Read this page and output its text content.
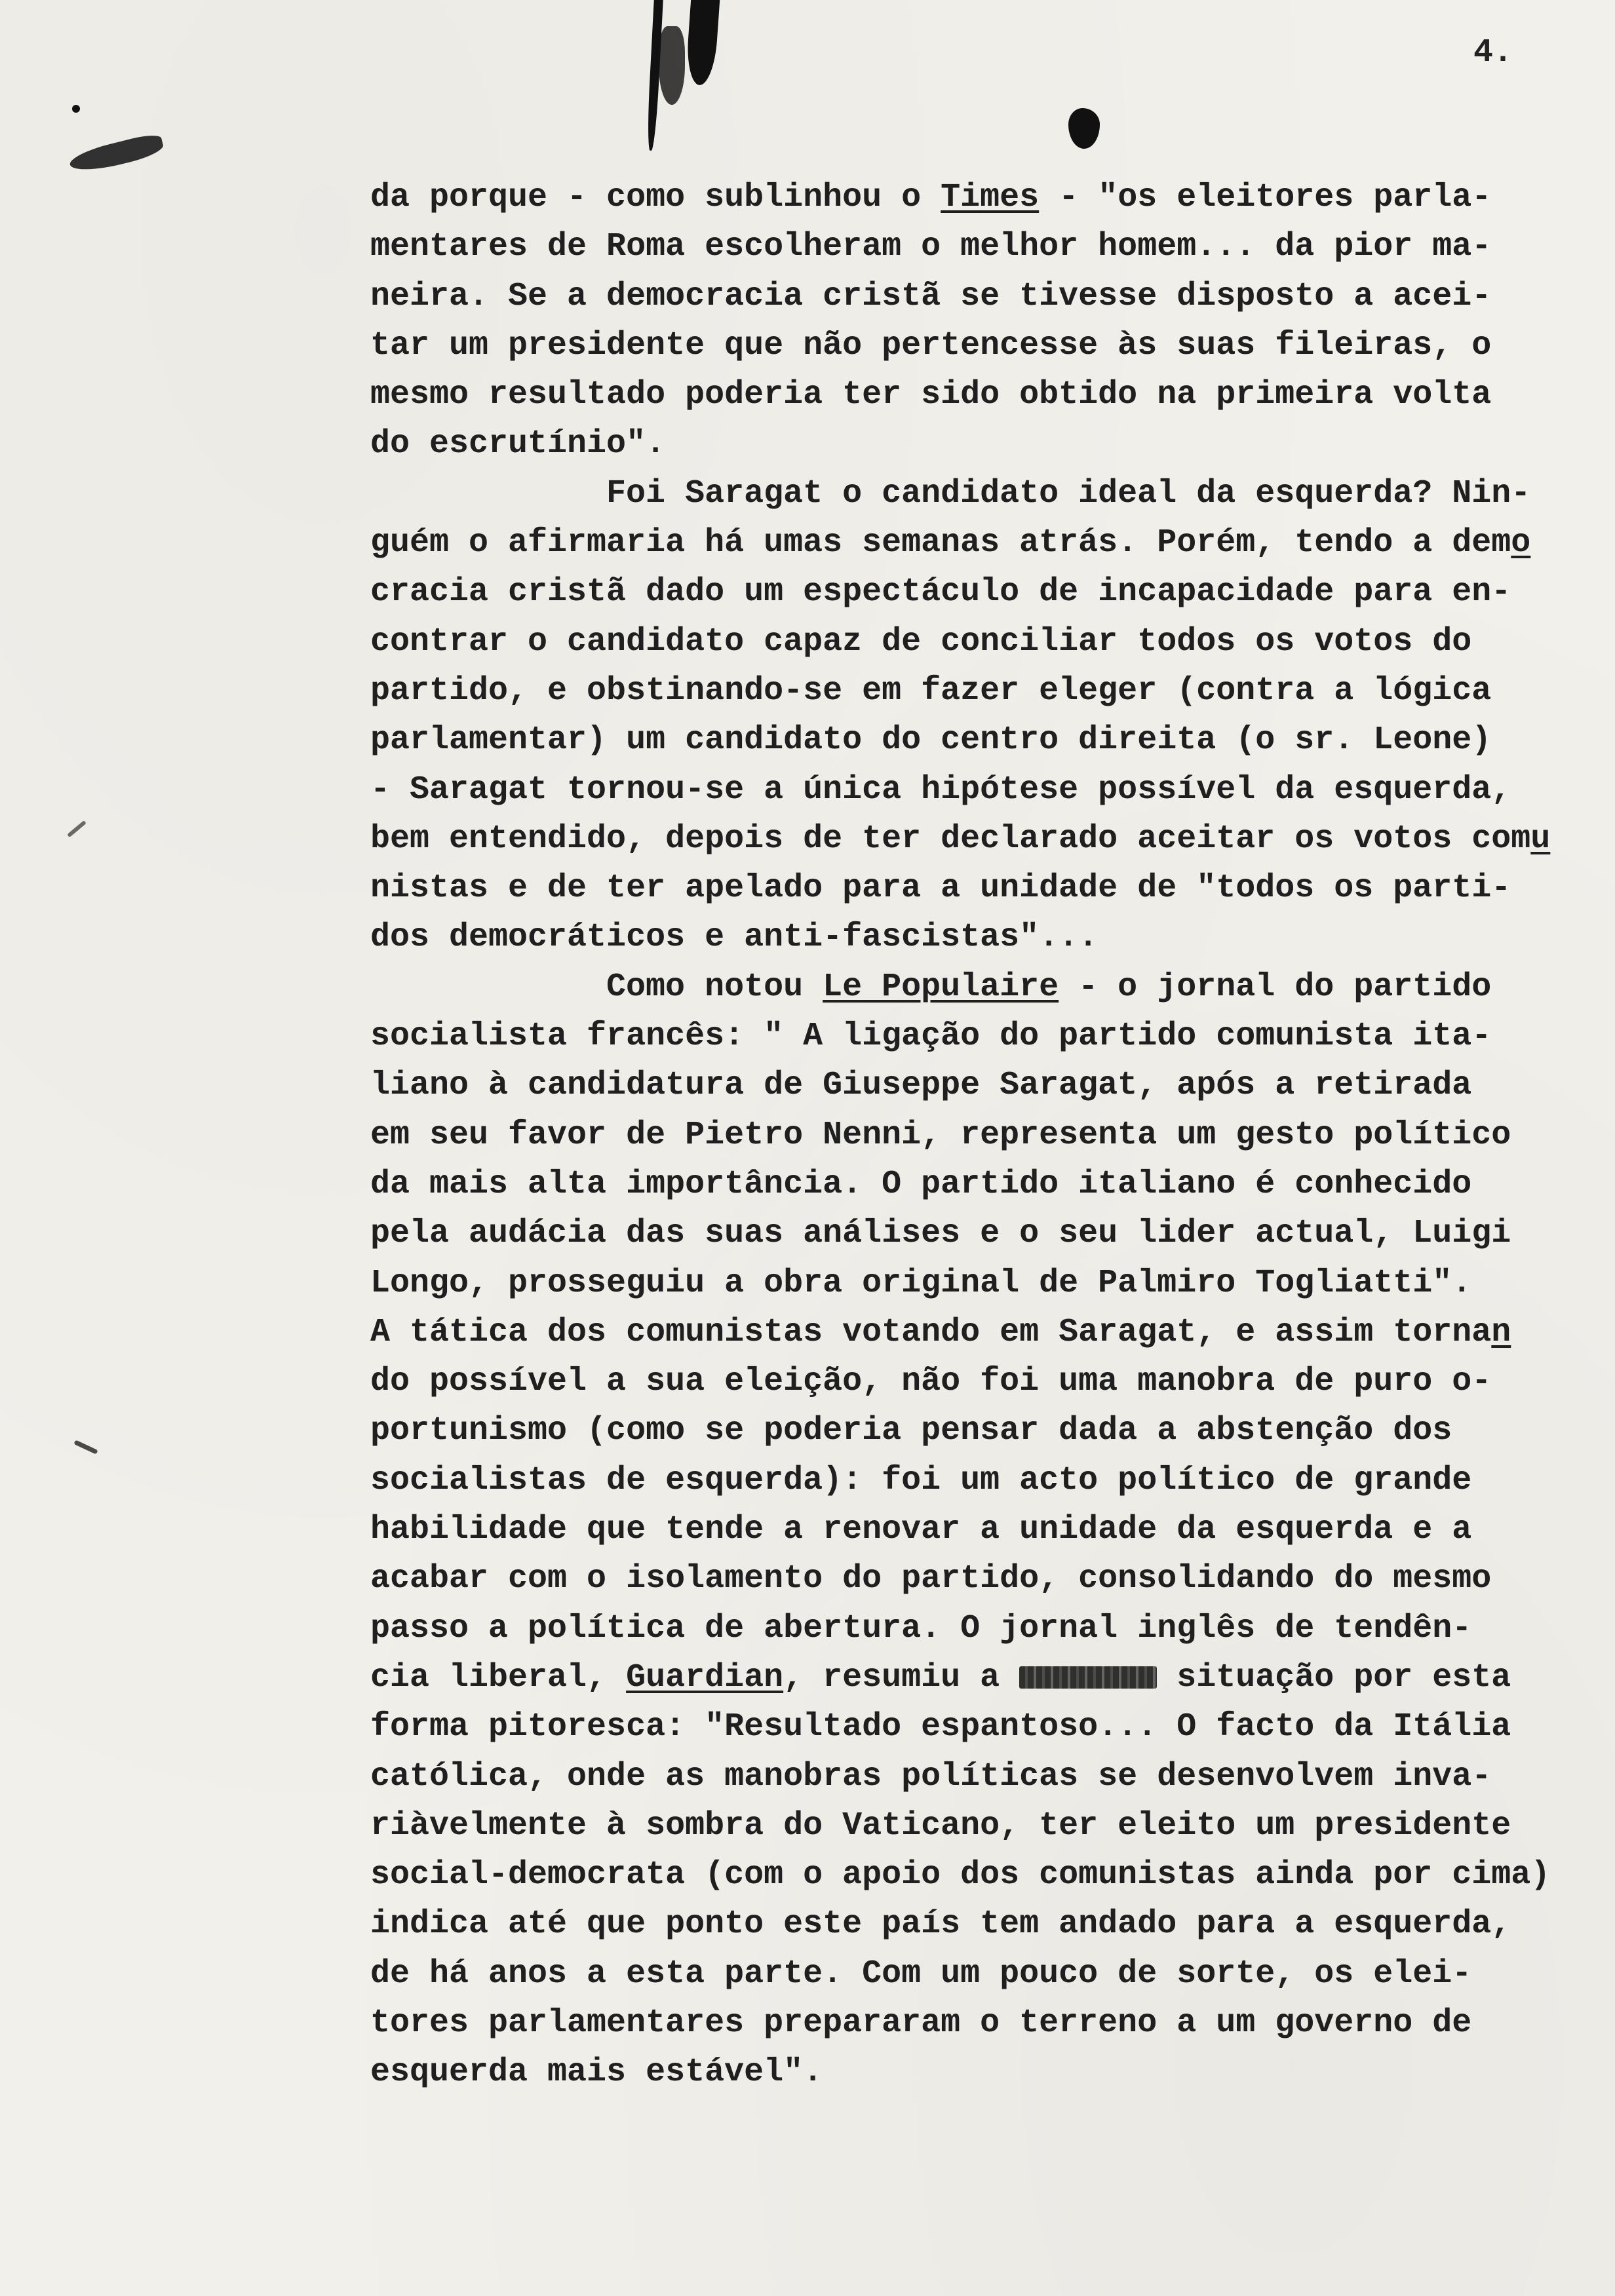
4.
da porque - como sublinhou o Times - "os eleitores parla-
mentares de Roma escolheram o melhor homem... da pior ma-
neira. Se a democracia cristã se tivesse disposto a acei-
tar um presidente que não pertencesse às suas fileiras, o
mesmo resultado poderia ter sido obtido na primeira volta
do escrutínio".
Foi Saragat o candidato ideal da esquerda? Nin-
guém o afirmaria há umas semanas atrás. Porém, tendo a demo
cracia cristã dado um espectáculo de incapacidade para en-
contrar o candidato capaz de conciliar todos os votos do
partido, e obstinando-se em fazer eleger (contra a lógica
parlamentar) um candidato do centro direita (o sr. Leone)
- Saragat tornou-se a única hipótese possível da esquerda,
bem entendido, depois de ter declarado aceitar os votos comu
nistas e de ter apelado para a unidade de "todos os parti-
dos democráticos e anti-fascistas"...
Como notou Le Populaire - o jornal do partido
socialista francês: " A ligação do partido comunista ita-
liano à candidatura de Giuseppe Saragat, após a retirada
em seu favor de Pietro Nenni, representa um gesto político
da mais alta importância. O partido italiano é conhecido
pela audácia das suas análises e o seu lider actual, Luigi
Longo, prosseguiu a obra original de Palmiro Togliatti".
A tática dos comunistas votando em Saragat, e assim tornan
do possível a sua eleição, não foi uma manobra de puro o-
portunismo (como se poderia pensar dada a abstenção dos
socialistas de esquerda): foi um acto político de grande
habilidade que tende a renovar a unidade da esquerda e a
acabar com o isolamento do partido, consolidando do mesmo
passo a política de abertura. O jornal inglês de tendên-
cia liberal, Guardian, resumiu a	situação por esta
forma pitoresca: "Resultado espantoso... O facto da Itália
católica, onde as manobras políticas se desenvolvem inva-
riàvelmente à sombra do Vaticano, ter eleito um presidente
social-democrata (com o apoio dos comunistas ainda por cima)
indica até que ponto este país tem andado para a esquerda,
de há anos a esta parte. Com um pouco de sorte, os elei-
tores parlamentares prepararam o terreno a um governo de
esquerda mais estável".
